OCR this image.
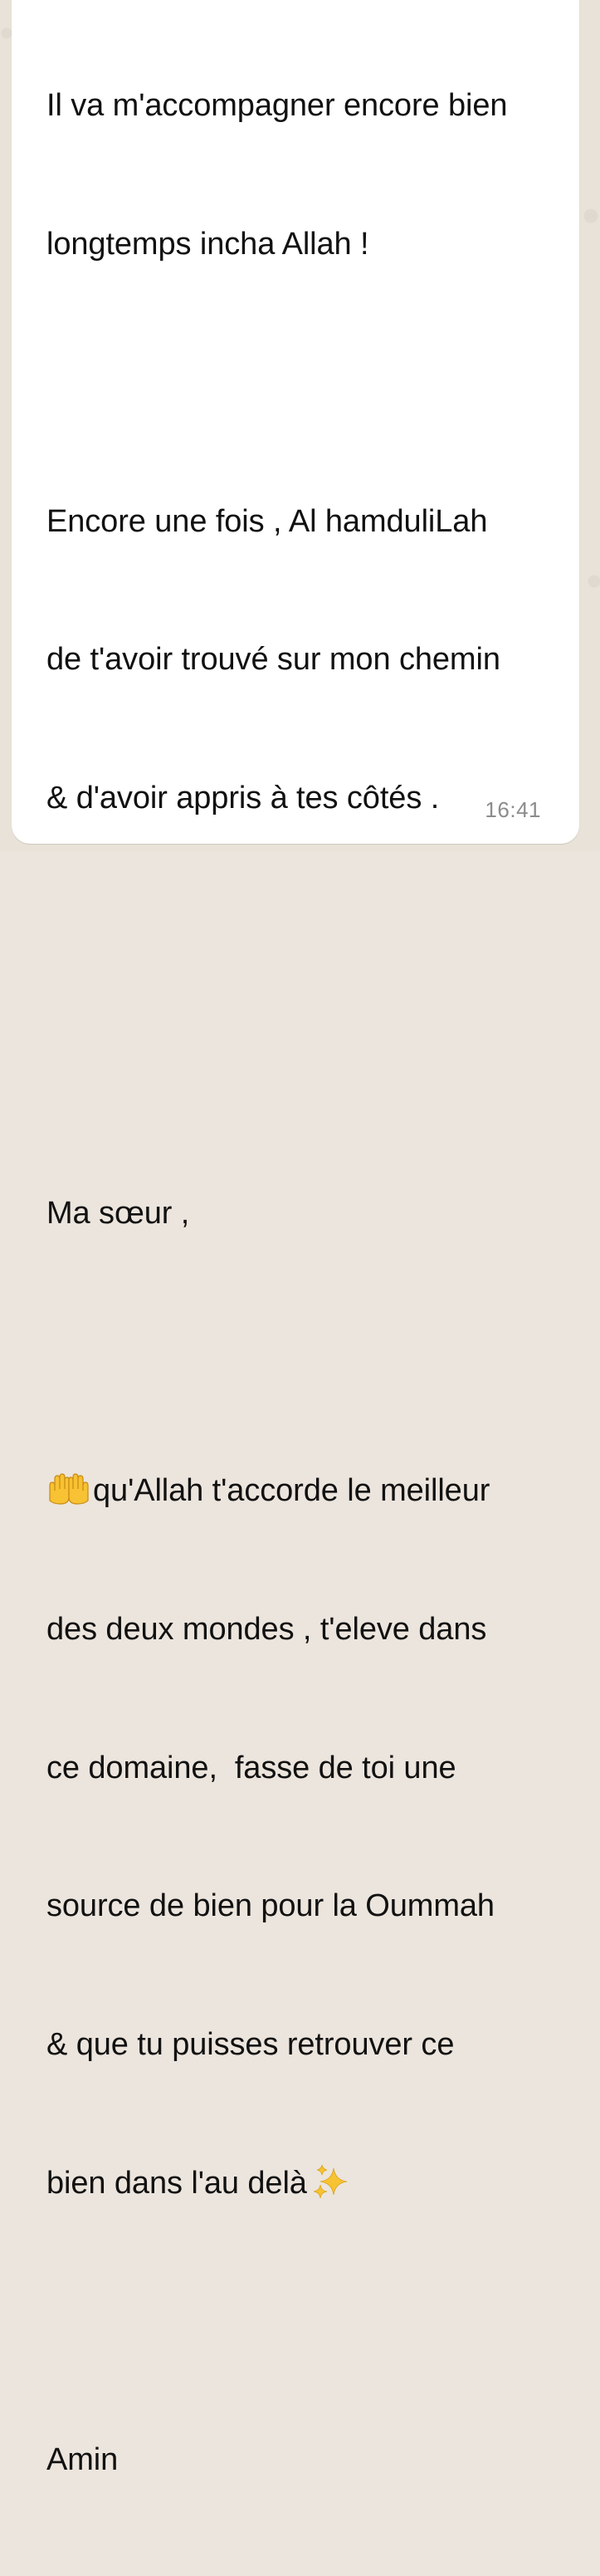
Il va m'accompagner encore bien

longtemps incha Allah !

Encore une fois , Al hamduliLah

de t'avoir trouvé sur mon chemin

& d'avoir appris à tes côtés .

Ma sœur ,

qu'Allah t'accorde le meilleur

des deux mondes , t'eleve dans

ce domaine,  fasse de toi une

source de bien pour la Oummah

& que tu puisses retrouver ce

bien dans l'au delà

Amin

16:41
